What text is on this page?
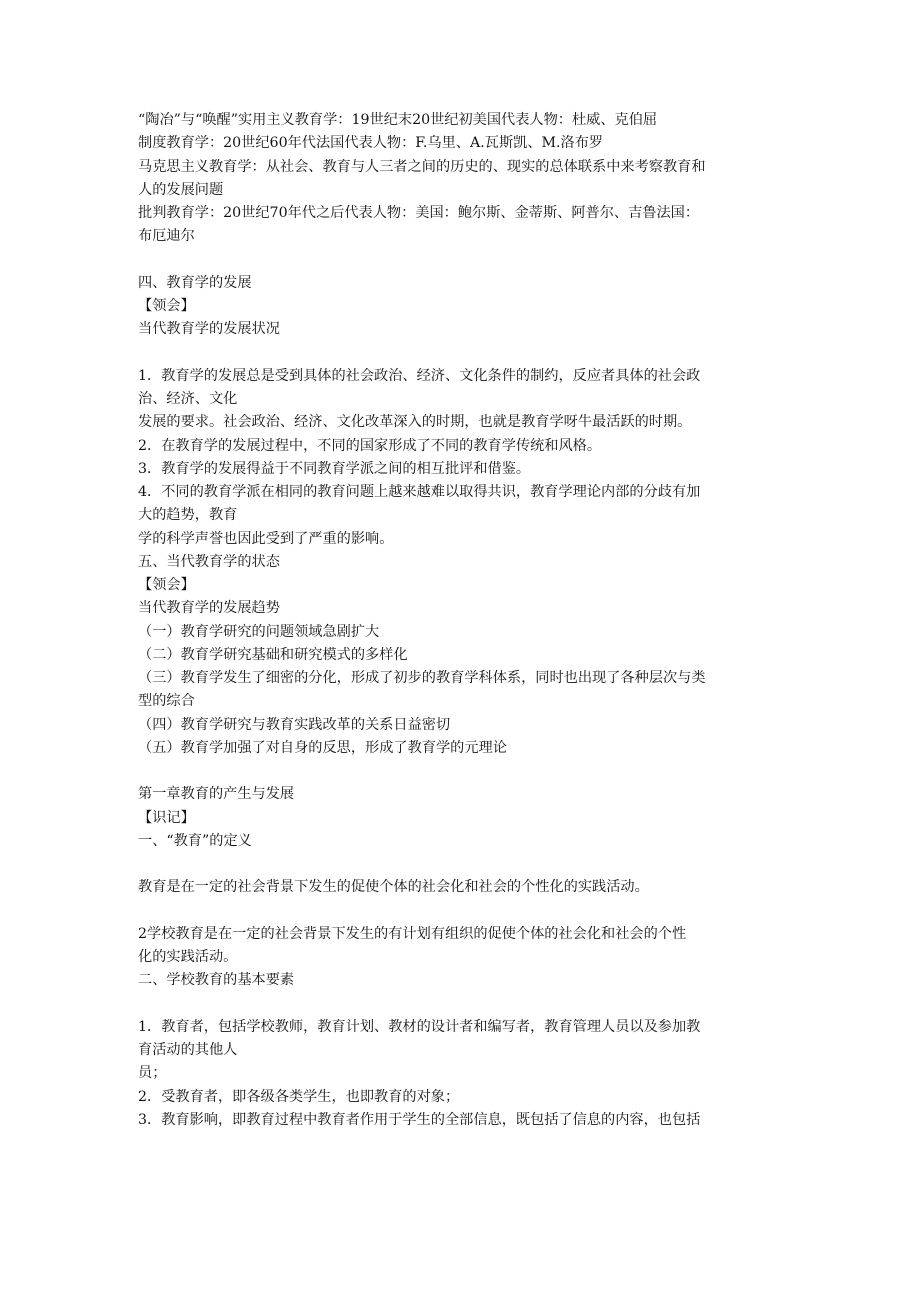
“陶冶”与“唤醒”实用主义教育学：19世纪末20世纪初美国代表人物：杜威、克伯屈
制度教育学：20世纪60年代法国代表人物：F.乌里、A.瓦斯凯、M.洛布罗
马克思主义教育学：从社会、教育与人三者之间的历史的、现实的总体联系中来考察教育和
人的发展问题
批判教育学：20世纪70年代之后代表人物：美国：鲍尔斯、金蒂斯、阿普尔、吉鲁法国：
布厄迪尔
四、教育学的发展
【领会】
当代教育学的发展状况
1．教育学的发展总是受到具体的社会政治、经济、文化条件的制约，反应者具体的社会政
治、经济、文化
发展的要求。社会政治、经济、文化改革深入的时期，也就是教育学呀牛最活跃的时期。
2．在教育学的发展过程中，不同的国家形成了不同的教育学传统和风格。
3．教育学的发展得益于不同教育学派之间的相互批评和借鉴。
4．不同的教育学派在相同的教育问题上越来越难以取得共识，教育学理论内部的分歧有加
大的趋势，教育
学的科学声誉也因此受到了严重的影响。
五、当代教育学的状态
【领会】
当代教育学的发展趋势
（一）教育学研究的问题领域急剧扩大
（二）教育学研究基础和研究模式的多样化
（三）教育学发生了细密的分化，形成了初步的教育学科体系，同时也出现了各种层次与类
型的综合
（四）教育学研究与教育实践改革的关系日益密切
（五）教育学加强了对自身的反思，形成了教育学的元理论
第一章教育的产生与发展
【识记】
一、“教育”的定义
教育是在一定的社会背景下发生的促使个体的社会化和社会的个性化的实践活动。
2学校教育是在一定的社会背景下发生的有计划有组织的促使个体的社会化和社会的个性
化的实践活动。
二、学校教育的基本要素
1．教育者，包括学校教师，教育计划、教材的设计者和编写者，教育管理人员以及参加教
育活动的其他人
员；
2．受教育者，即各级各类学生，也即教育的对象；
3．教育影响，即教育过程中教育者作用于学生的全部信息，既包括了信息的内容，也包括
